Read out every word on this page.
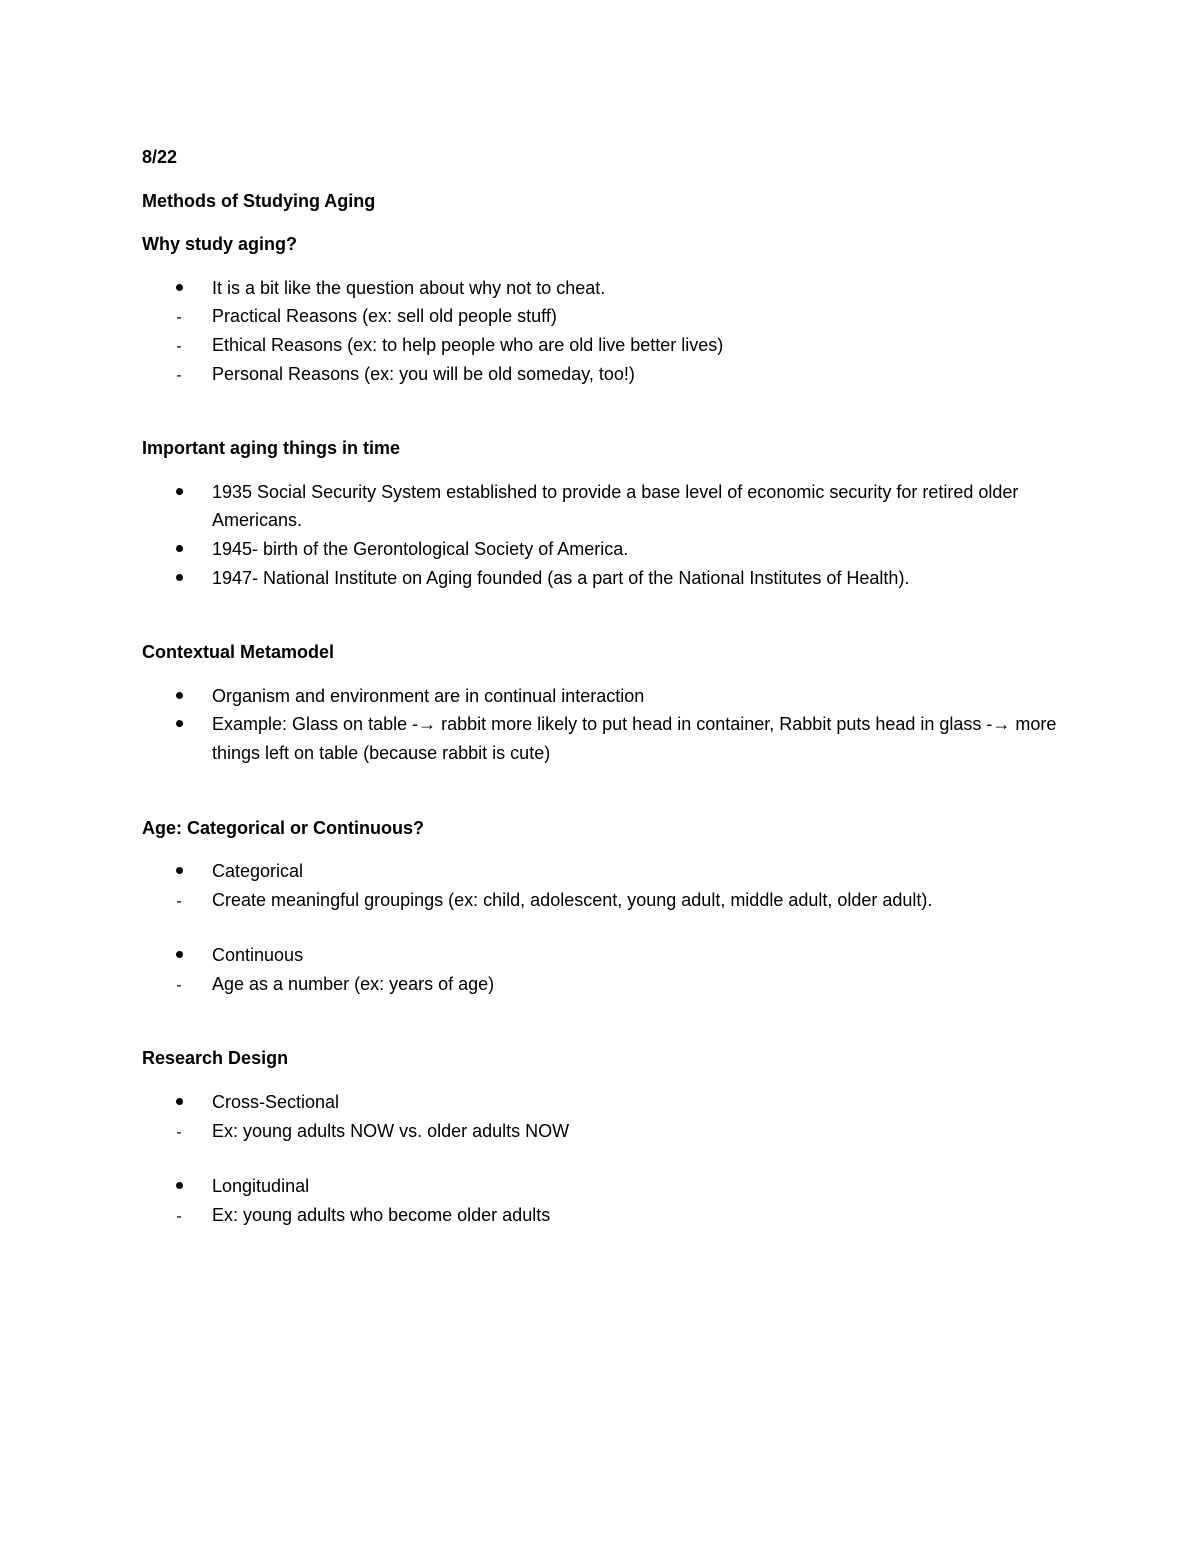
8/22

Methods of Studying Aging

Why study aging?

It is a bit like the question about why not to cheat.
- Practical Reasons (ex: sell old people stuff)
- Ethical Reasons (ex: to help people who are old live better lives)
- Personal Reasons (ex: you will be old someday, too!)

Important aging things in time

1935 Social Security System established to provide a base level of economic security for retired older Americans.
1945- birth of the Gerontological Society of America.
1947- National Institute on Aging founded (as a part of the National Institutes of Health).

Contextual Metamodel

Organism and environment are in continual interaction
Example: Glass on table -→ rabbit more likely to put head in container, Rabbit puts head in glass -→ more things left on table (because rabbit is cute)

Age: Categorical or Continuous?

Categorical
- Create meaningful groupings (ex: child, adolescent, young adult, middle adult, older adult).
Continuous
- Age as a number (ex: years of age)

Research Design

Cross-Sectional
- Ex: young adults NOW vs. older adults NOW
Longitudinal
- Ex: young adults who become older adults
